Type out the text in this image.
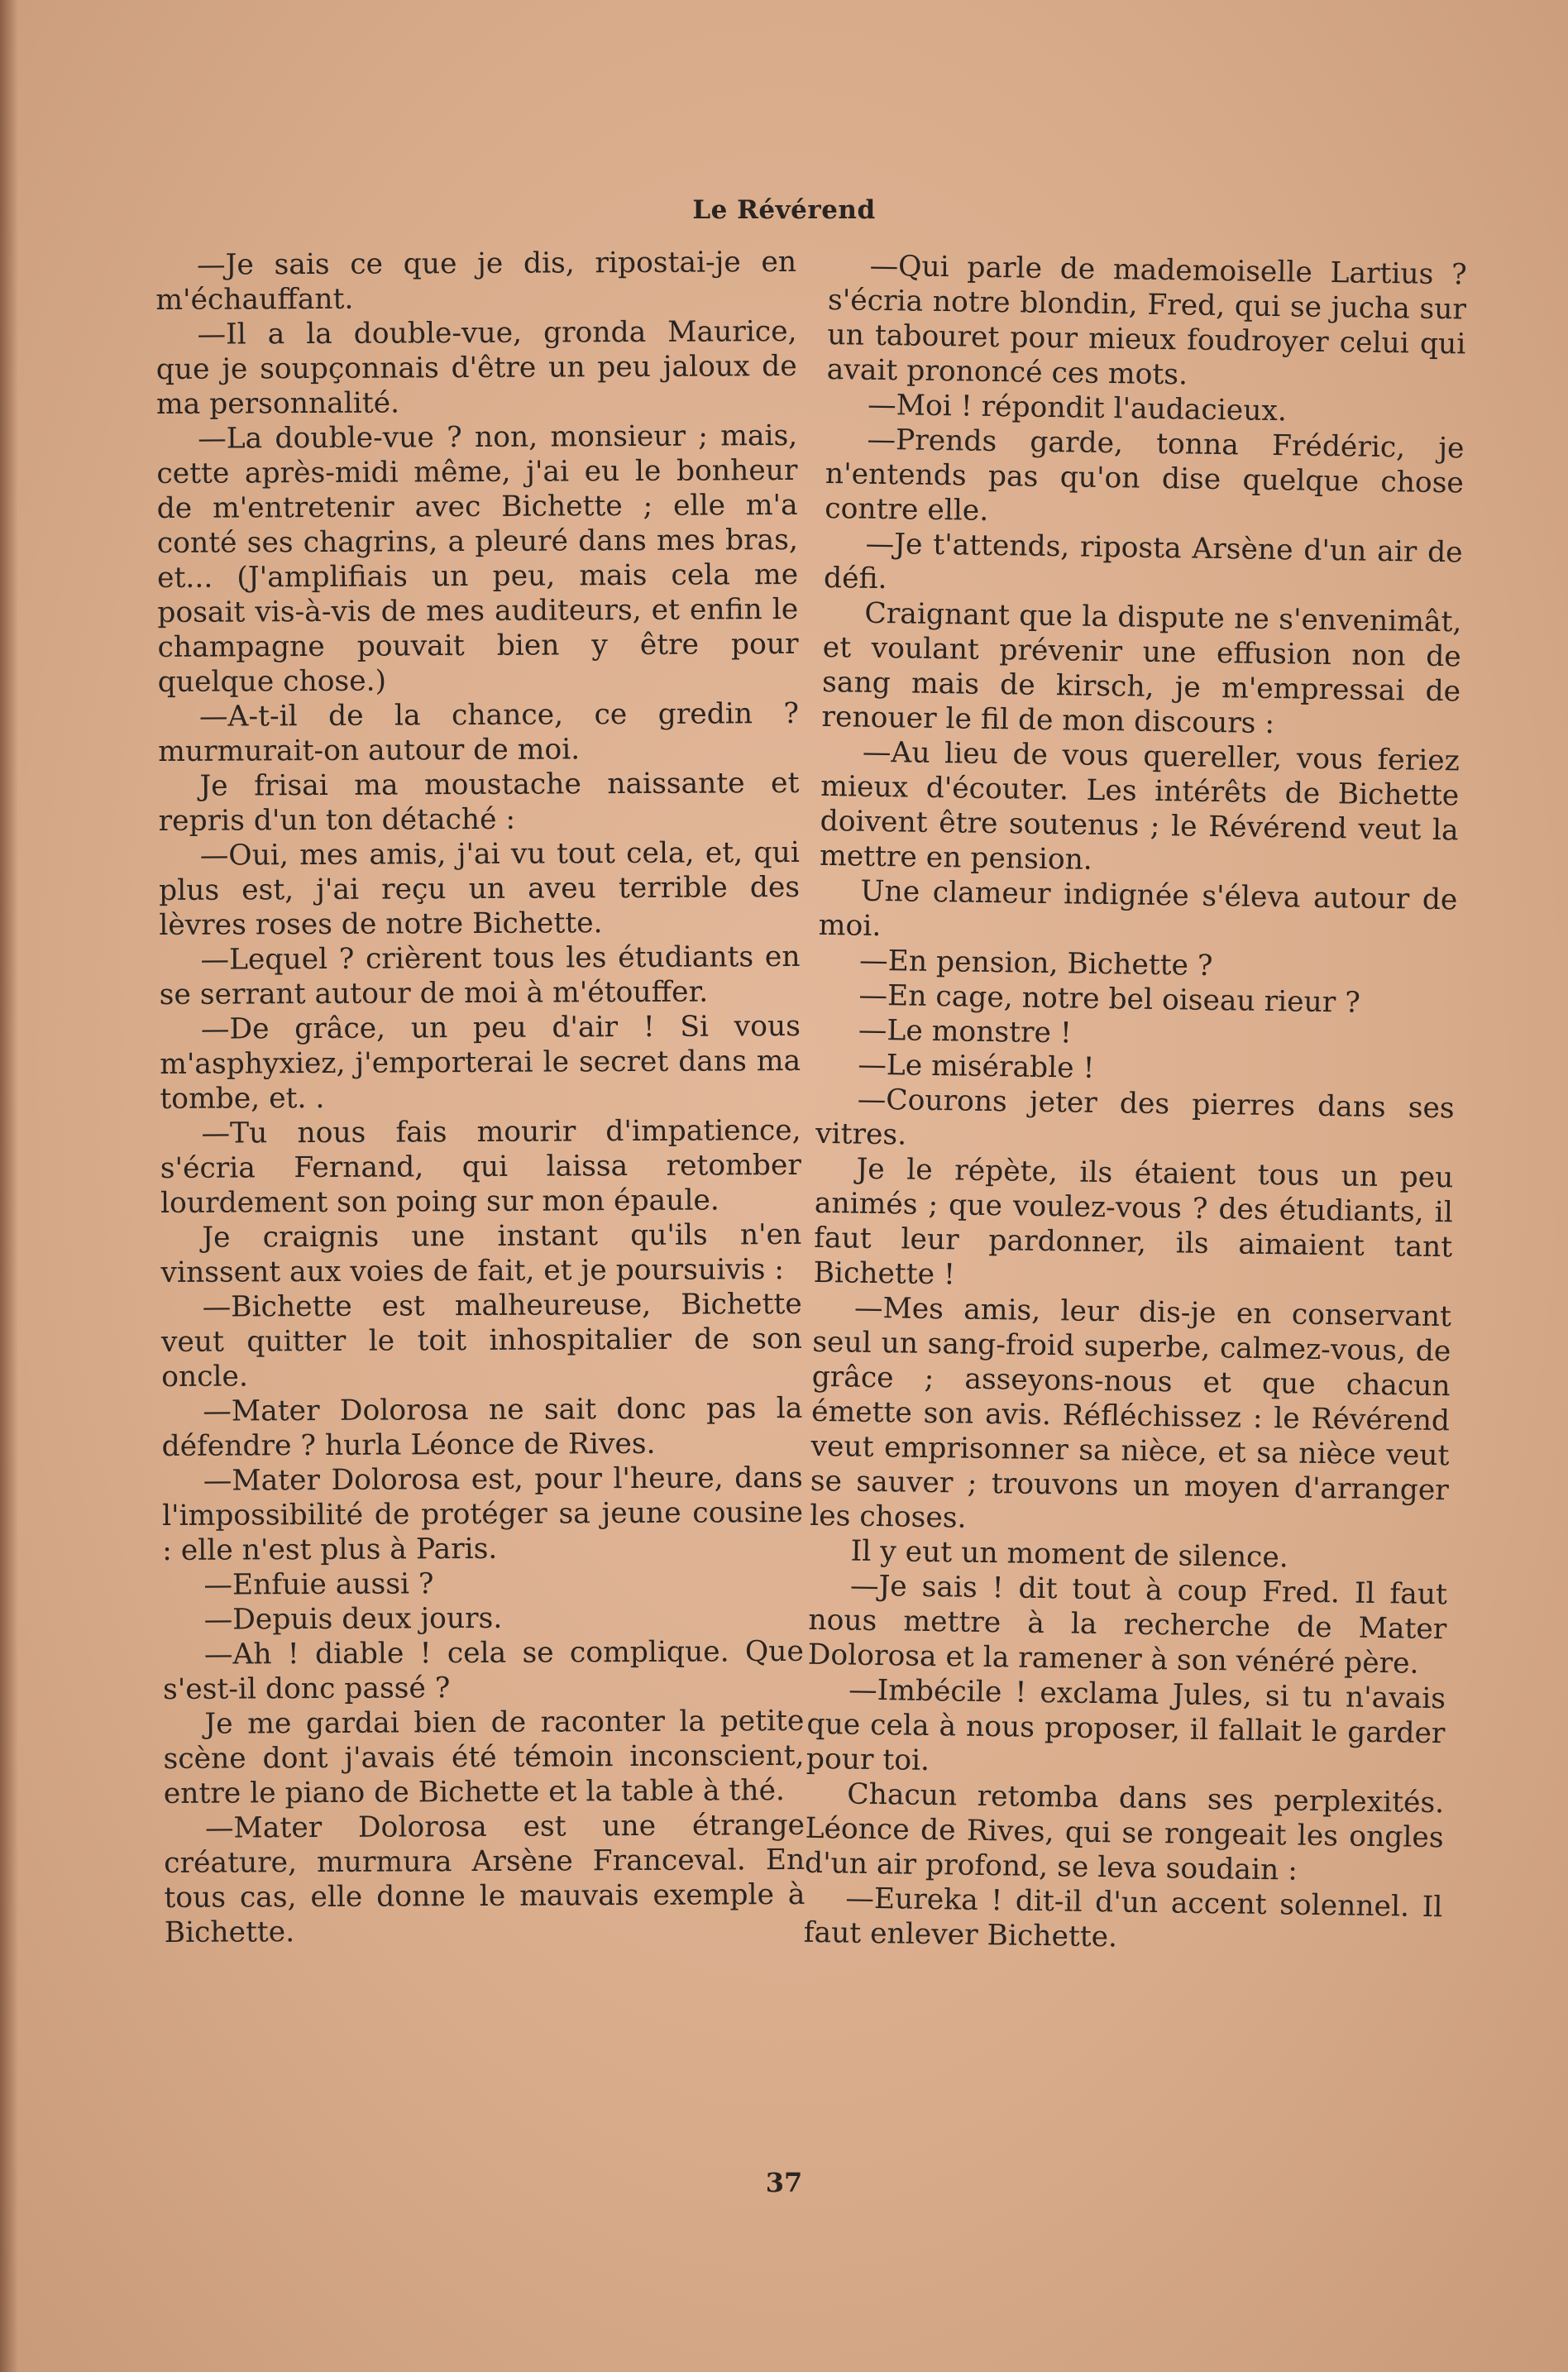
Le Révérend

—Je sais ce que je dis, ripostai-je en m'échauffant.

—Il a la double-vue, gronda Maurice, que je soupçonnais d'être un peu jaloux de ma personnalité.

—La double-vue ? non, monsieur ; mais, cette après-midi même, j'ai eu le bonheur de m'entretenir avec Bichette ; elle m'a conté ses chagrins, a pleuré dans mes bras, et... (J'amplifiais un peu, mais cela me posait vis-à-vis de mes auditeurs, et enfin le champagne pouvait bien y être pour quelque chose.)

—A-t-il de la chance, ce gredin ? murmurait-on autour de moi.

Je frisai ma moustache naissante et repris d'un ton détaché :

—Oui, mes amis, j'ai vu tout cela, et, qui plus est, j'ai reçu un aveu terrible des lèvres roses de notre Bichette.

—Lequel ? crièrent tous les étudiants en se serrant autour de moi à m'étouffer.

—De grâce, un peu d'air ! Si vous m'asphyxiez, j'emporterai le secret dans ma tombe, et. .

—Tu nous fais mourir d'impatience, s'écria Fernand, qui laissa retomber lourdement son poing sur mon épaule.

Je craignis une instant qu'ils n'en vinssent aux voies de fait, et je poursuivis :

—Bichette est malheureuse, Bichette veut quitter le toit inhospitalier de son oncle.

—Mater Dolorosa ne sait donc pas la défendre ? hurla Léonce de Rives.

—Mater Dolorosa est, pour l'heure, dans l'impossibilité de protéger sa jeune cousine : elle n'est plus à Paris.

—Enfuie aussi ?

—Depuis deux jours.

—Ah ! diable ! cela se complique. Que s'est-il donc passé ?

Je me gardai bien de raconter la petite scène dont j'avais été témoin inconscient, entre le piano de Bichette et la table à thé.

—Mater Dolorosa est une étrange créature, murmura Arsène Franceval. En tous cas, elle donne le mauvais exemple à Bichette.

—Qui parle de mademoiselle Lartius ? s'écria notre blondin, Fred, qui se jucha sur un tabouret pour mieux foudroyer celui qui avait prononcé ces mots.

—Moi ! répondit l'audacieux.

—Prends garde, tonna Frédéric, je n'entends pas qu'on dise quelque chose contre elle.

—Je t'attends, riposta Arsène d'un air de défi.

Craignant que la dispute ne s'envenimât, et voulant prévenir une effusion non de sang mais de kirsch, je m'empressai de renouer le fil de mon discours :

—Au lieu de vous quereller, vous feriez mieux d'écouter. Les intérêts de Bichette doivent être soutenus ; le Révérend veut la mettre en pension.

Une clameur indignée s'éleva autour de moi.

—En pension, Bichette ?

—En cage, notre bel oiseau rieur ?

—Le monstre !

—Le misérable !

—Courons jeter des pierres dans ses vitres.

Je le répète, ils étaient tous un peu animés ; que voulez-vous ? des étudiants, il faut leur pardonner, ils aimaient tant Bichette !

—Mes amis, leur dis-je en conservant seul un sang-froid superbe, calmez-vous, de grâce ; asseyons-nous et que chacun émette son avis. Réfléchissez : le Révérend veut emprisonner sa nièce, et sa nièce veut se sauver ; trouvons un moyen d'arranger les choses.

Il y eut un moment de silence.

—Je sais ! dit tout à coup Fred. Il faut nous mettre à la recherche de Mater Dolorosa et la ramener à son vénéré père.

—Imbécile ! exclama Jules, si tu n'avais que cela à nous proposer, il fallait le garder pour toi.

Chacun retomba dans ses perplexités. Léonce de Rives, qui se rongeait les ongles d'un air profond, se leva soudain :

—Eureka ! dit-il d'un accent solennel. Il faut enlever Bichette.

37
